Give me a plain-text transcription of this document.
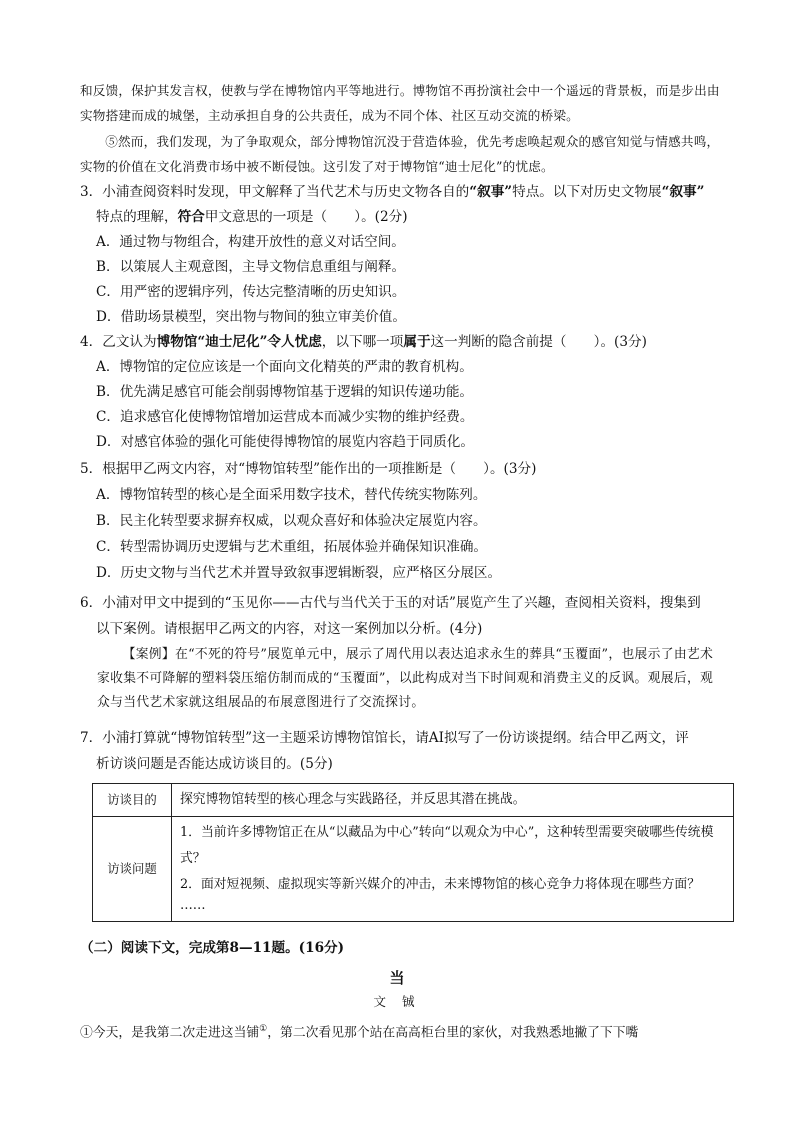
和反馈，保护其发言权，使教与学在博物馆内平等地进行。博物馆不再扮演社会中一个遥远的背景板，而是步出由实物搭建而成的城堡，主动承担自身的公共责任，成为不同个体、社区互动交流的桥梁。
⑤然而，我们发现，为了争取观众，部分博物馆沉没于营造体验，优先考虑唤起观众的感官知觉与情感共鸣，实物的价值在文化消费市场中被不断侵蚀。这引发了对于博物馆“迪士尼化”的忧虑。
3．小浦查阅资料时发现，甲文解释了当代艺术与历史文物各自的“叙事”特点。以下对历史文物展“叙事”
特点的理解，符合甲文意思的一项是（　　）。(2分)
A．通过物与物组合，构建开放性的意义对话空间。
B．以策展人主观意图，主导文物信息重组与阐释。
C．用严密的逻辑序列，传达完整清晰的历史知识。
D．借助场景模型，突出物与物间的独立审美价值。
4．乙文认为博物馆“迪士尼化”令人忧虑，以下哪一项属于这一判断的隐含前提（　　）。(3分)
A．博物馆的定位应该是一个面向文化精英的严肃的教育机构。
B．优先满足感官可能会削弱博物馆基于逻辑的知识传递功能。
C．追求感官化使博物馆增加运营成本而减少实物的维护经费。
D．对感官体验的强化可能使得博物馆的展览内容趋于同质化。
5．根据甲乙两文内容，对“博物馆转型”能作出的一项推断是（　　）。(3分)
A．博物馆转型的核心是全面采用数字技术，替代传统实物陈列。
B．民主化转型要求摒弃权威，以观众喜好和体验决定展览内容。
C．转型需协调历史逻辑与艺术重组，拓展体验并确保知识准确。
D．历史文物与当代艺术并置导致叙事逻辑断裂，应严格区分展区。
6．小浦对甲文中提到的“玉见你——古代与当代关于玉的对话”展览产生了兴趣，查阅相关资料，搜集到
以下案例。请根据甲乙两文的内容，对这一案例加以分析。(4分)
【案例】在“不死的符号”展览单元中，展示了周代用以表达追求永生的葬具“玉覆面”，也展示了由艺术家收集不可降解的塑料袋压缩仿制而成的“玉覆面”，以此构成对当下时间观和消费主义的反讽。观展后，观众与当代艺术家就这组展品的布展意图进行了交流探讨。
7．小浦打算就“博物馆转型”这一主题采访博物馆馆长，请AI拟写了一份访谈提纲。结合甲乙两文，评
析访谈问题是否能达成访谈目的。(5分)
访谈目的	探究博物馆转型的核心理念与实践路径，并反思其潜在挑战。
访谈问题	1．当前许多博物馆正在从“以藏品为中心”转向“以观众为中心”，这种转型需要突破哪些传统模式？
2．面对短视频、虚拟现实等新兴媒介的冲击，未来博物馆的核心竞争力将体现在哪些方面？
……
（二）阅读下文，完成第8—11题。(16分)
当
文 铖
①今天，是我第二次走进这当铺①，第二次看见那个站在高高柜台里的家伙，对我熟悉地撇了下下嘴
